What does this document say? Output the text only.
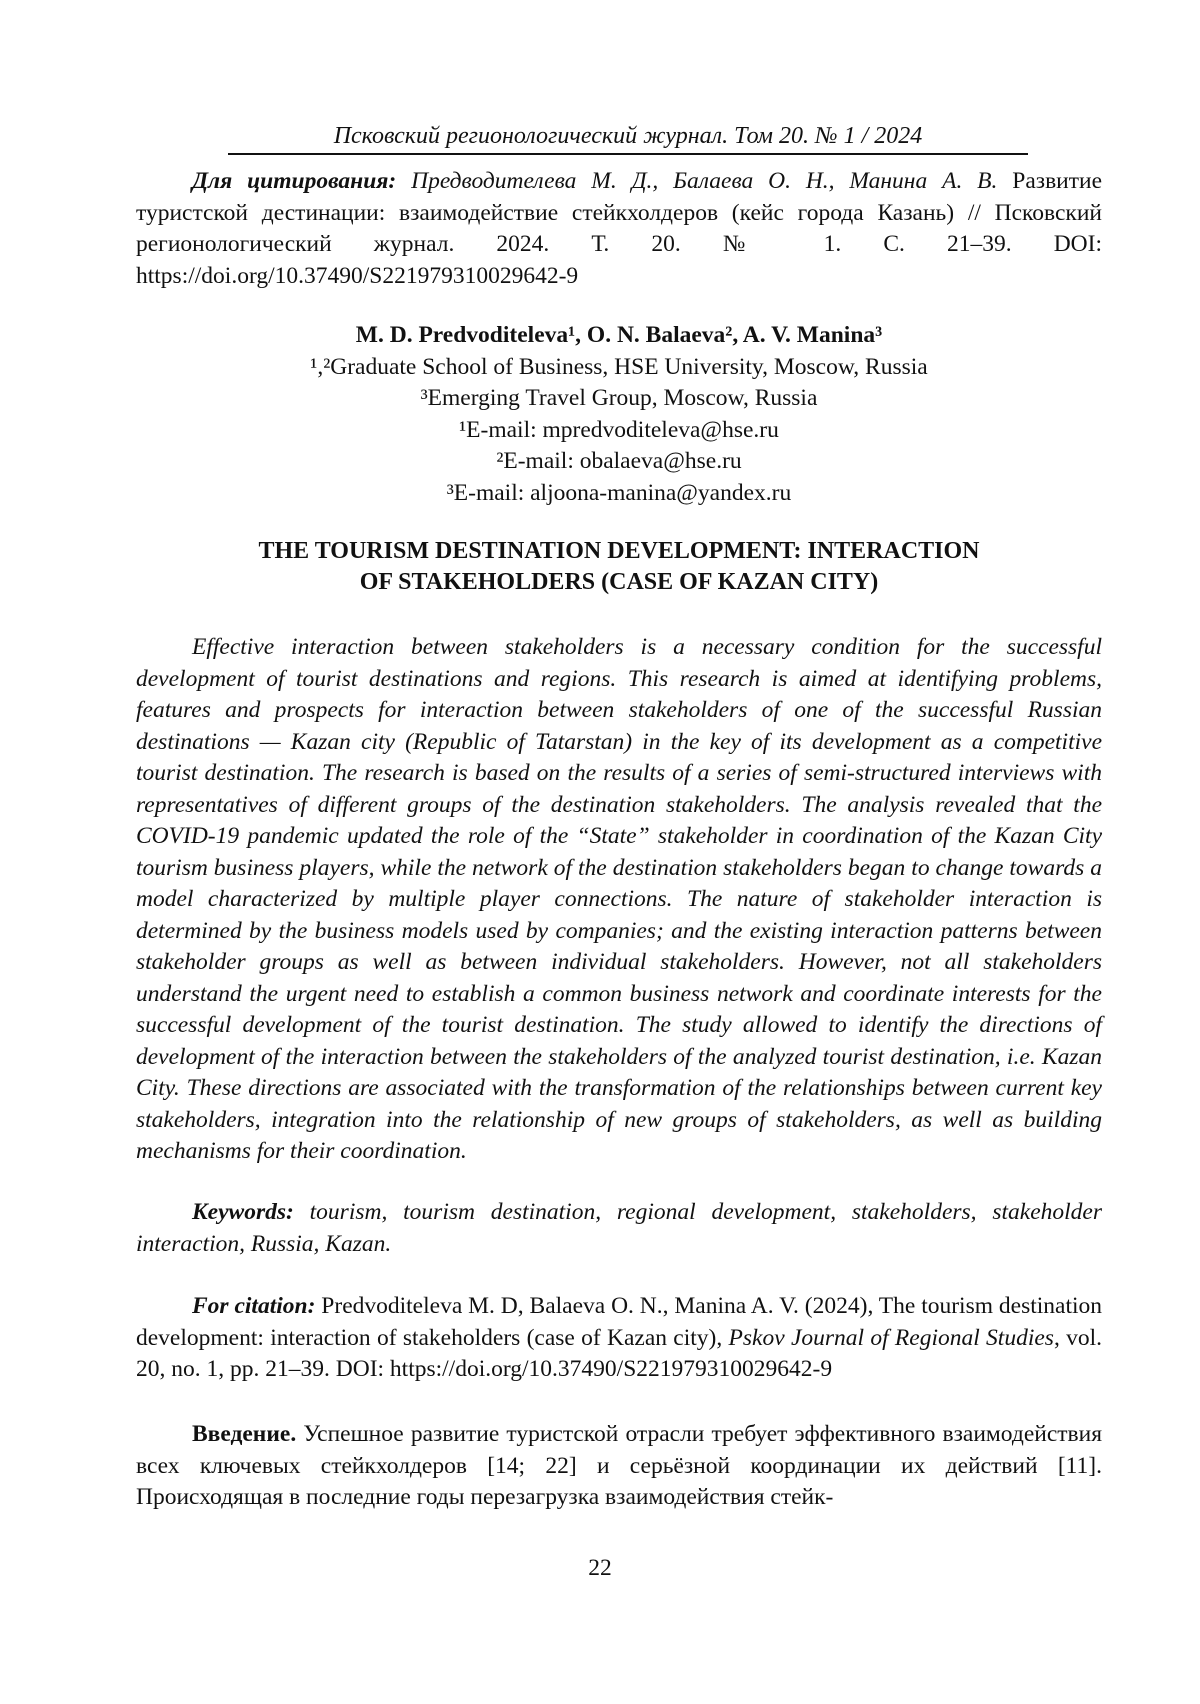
Псковский регионологический журнал. Том 20. № 1 / 2024
Для цитирования: Предводителева М. Д., Балаева О. Н., Манина А. В. Развитие туристской дестинации: взаимодействие стейкхолдеров (кейс города Казань) // Псковский регионологический журнал. 2024. Т. 20. № 1. С. 21–39. DOI: https://doi.org/10.37490/S221979310029642-9
M. D. Predvoditeleva¹, O. N. Balaeva², A. V. Manina³
¹,²Graduate School of Business, HSE University, Moscow, Russia
³Emerging Travel Group, Moscow, Russia
¹E-mail: mpredvoditeleva@hse.ru
²E-mail: obalaeva@hse.ru
³E-mail: aljoona-manina@yandex.ru
THE TOURISM DESTINATION DEVELOPMENT: INTERACTION
OF STAKEHOLDERS (CASE OF KAZAN CITY)
Effective interaction between stakeholders is a necessary condition for the successful development of tourist destinations and regions. This research is aimed at identifying problems, features and prospects for interaction between stakeholders of one of the successful Russian destinations — Kazan city (Republic of Tatarstan) in the key of its development as a competitive tourist destination. The research is based on the results of a series of semi-structured interviews with representatives of different groups of the destination stakeholders. The analysis revealed that the COVID-19 pandemic updated the role of the “State” stakeholder in coordination of the Kazan City tourism business players, while the network of the destination stakeholders began to change towards a model characterized by multiple player connections. The nature of stakeholder interaction is determined by the business models used by companies; and the existing interaction patterns between stakeholder groups as well as between individual stakeholders. However, not all stakeholders understand the urgent need to establish a common business network and coordinate interests for the successful development of the tourist destination. The study allowed to identify the directions of development of the interaction between the stakeholders of the analyzed tourist destination, i.e. Kazan City. These directions are associated with the transformation of the relationships between current key stakeholders, integration into the relationship of new groups of stakeholders, as well as building mechanisms for their coordination.
Keywords: tourism, tourism destination, regional development, stakeholders, stakeholder interaction, Russia, Kazan.
For citation: Predvoditeleva M. D, Balaeva O. N., Manina A. V. (2024), The tourism destination development: interaction of stakeholders (case of Kazan city), Pskov Journal of Regional Studies, vol. 20, no. 1, pp. 21–39. DOI: https://doi.org/10.37490/S221979310029642-9
Введение. Успешное развитие туристской отрасли требует эффективного взаимодействия всех ключевых стейкхолдеров [14; 22] и серьёзной координации их действий [11]. Происходящая в последние годы перезагрузка взаимодействия стейк-
22
